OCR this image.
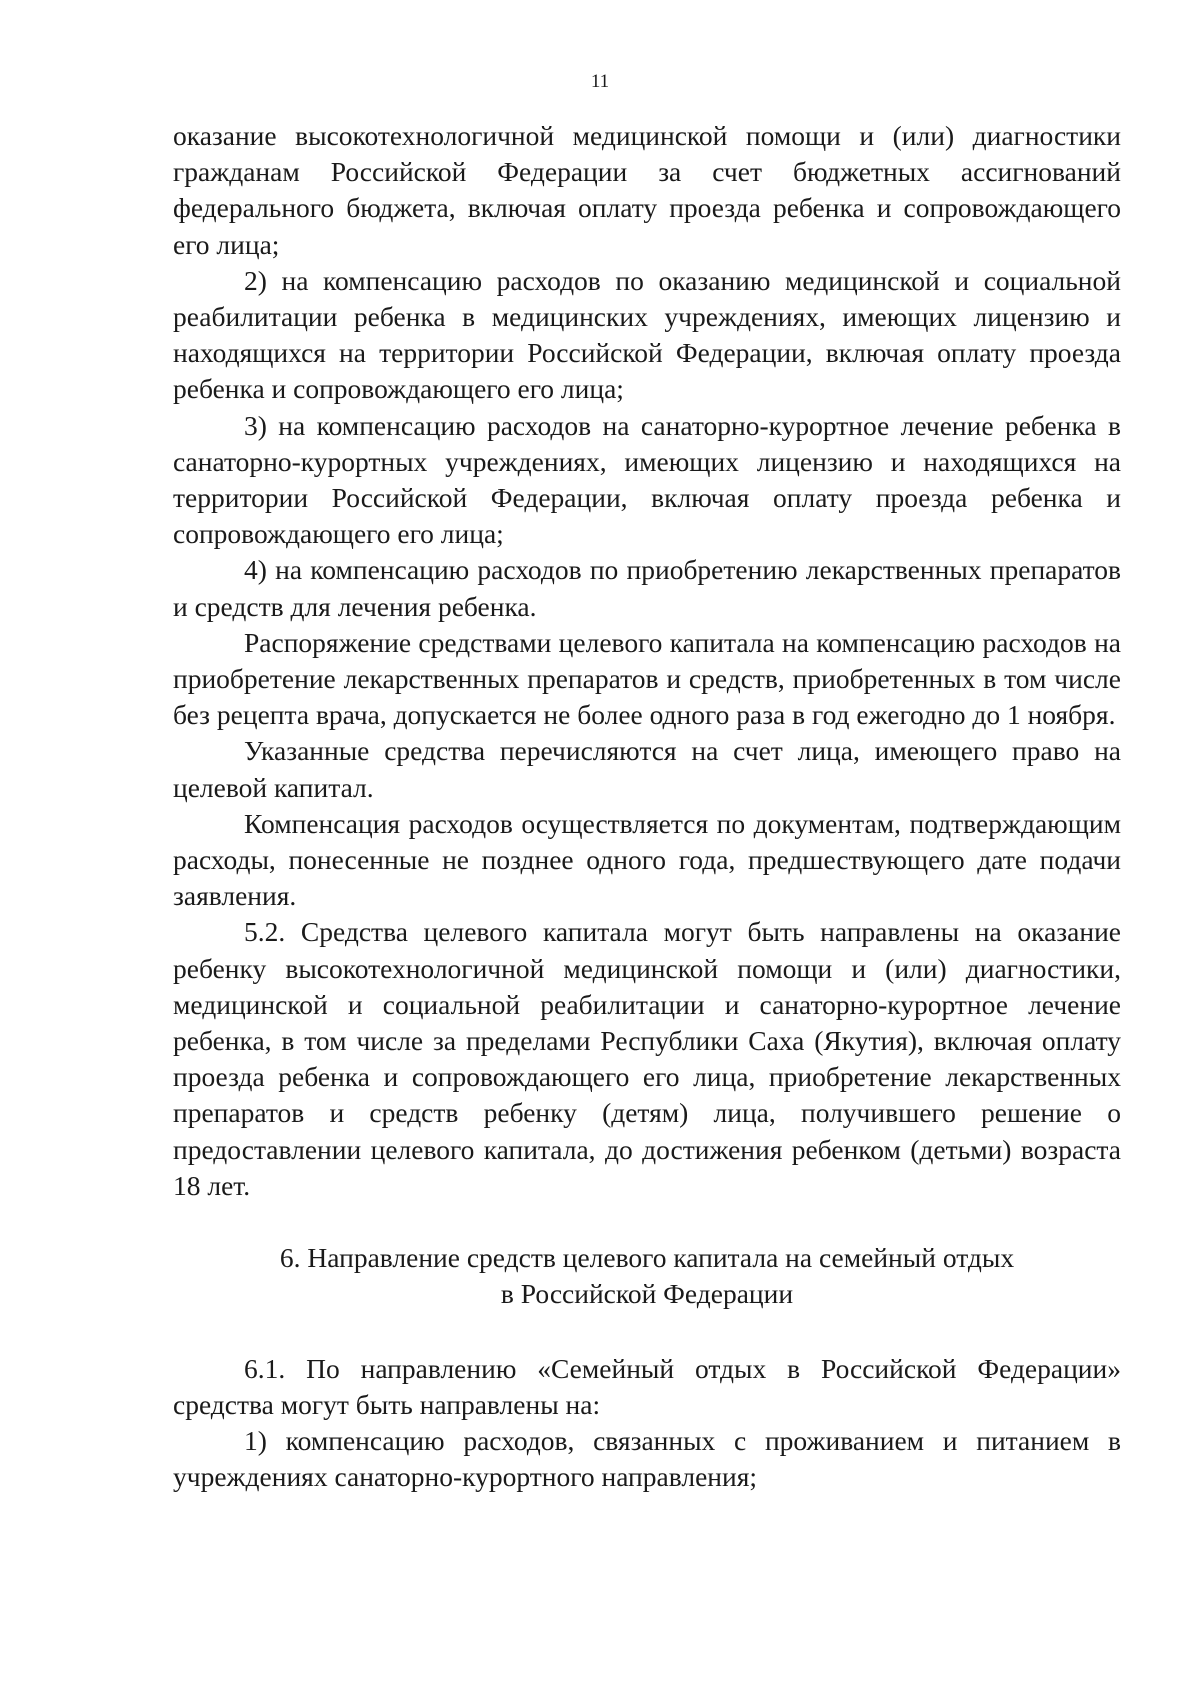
11

оказание высокотехнологичной медицинской помощи и (или) диагностики гражданам Российской Федерации за счет бюджетных ассигнований федерального бюджета, включая оплату проезда ребенка и сопровождающего его лица;

2) на компенсацию расходов по оказанию медицинской и социальной реабилитации ребенка в медицинских учреждениях, имеющих лицензию и находящихся на территории Российской Федерации, включая оплату проезда ребенка и сопровождающего его лица;

3) на компенсацию расходов на санаторно-курортное лечение ребенка в санаторно-курортных учреждениях, имеющих лицензию и находящихся на территории Российской Федерации, включая оплату проезда ребенка и сопровождающего его лица;

4) на компенсацию расходов по приобретению лекарственных препаратов и средств для лечения ребенка.

Распоряжение средствами целевого капитала на компенсацию расходов на приобретение лекарственных препаратов и средств, приобретенных в том числе без рецепта врача, допускается не более одного раза в год ежегодно до 1 ноября.

Указанные средства перечисляются на счет лица, имеющего право на целевой капитал.

Компенсация расходов осуществляется по документам, подтверждающим расходы, понесенные не позднее одного года, предшествующего дате подачи заявления.

5.2. Средства целевого капитала могут быть направлены на оказание ребенку высокотехнологичной медицинской помощи и (или) диагностики, медицинской и социальной реабилитации и санаторно-курортное лечение ребенка, в том числе за пределами Республики Саха (Якутия), включая оплату проезда ребенка и сопровождающего его лица, приобретение лекарственных препаратов и средств ребенку (детям) лица, получившего решение о предоставлении целевого капитала, до достижения ребенком (детьми) возраста 18 лет.

6. Направление средств целевого капитала на семейный отдых
в Российской Федерации

6.1. По направлению «Семейный отдых в Российской Федерации» средства могут быть направлены на:

1) компенсацию расходов, связанных с проживанием и питанием в учреждениях санаторно-курортного направления;
